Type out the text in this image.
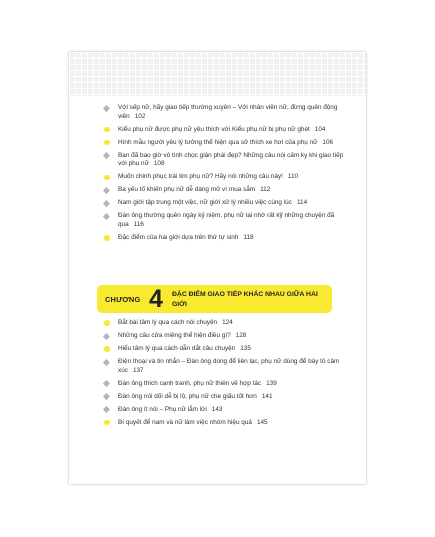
Với sếp nữ, hãy giao tiếp thường xuyên – Với nhân viên nữ, đừng quên động viên 102
Kiểu phụ nữ được phụ nữ yêu thích với Kiểu phụ nữ bị phụ nữ ghét 104
Hình mẫu người yêu lý tưởng thể hiện qua sở thích xe hơi của phụ nữ 106
Bạn đã bao giờ vô tình chọc giận phái đẹp? Những câu nói cấm kỵ khi giao tiếp với phụ nữ 108
Muốn chinh phục trái tim phụ nữ? Hãy nói những câu này! 110
Ba yếu tố khiến phụ nữ dễ dàng mở ví mua sắm 112
Nam giới tập trung một việc, nữ giới xử lý nhiều việc cùng lúc 114
Đàn ông thường quên ngày kỷ niệm, phụ nữ lại nhớ rất kỹ những chuyện đã qua 116
Đặc điểm của hai giới dựa trên thứ tự sinh 118
CHƯƠNG 4 ĐẶC ĐIỂM GIAO TIẾP KHÁC NHAU GIỮA HAI GIỚI
Bắt bài tâm lý qua cách nói chuyện 124
Những câu cửa miệng thể hiện điều gì? 128
Hiểu tâm lý qua cách dẫn dắt câu chuyện 135
Điện thoại và tin nhắn – Đàn ông dùng để liên lạc, phụ nữ dùng để bày tỏ cảm xúc 137
Đàn ông thích cạnh tranh, phụ nữ thiên về hợp tác 139
Đàn ông nói dối dễ bị lộ, phụ nữ che giấu tốt hơn 141
Đàn ông ít nói – Phụ nữ lắm lời 143
Bí quyết để nam và nữ làm việc nhóm hiệu quả 145
